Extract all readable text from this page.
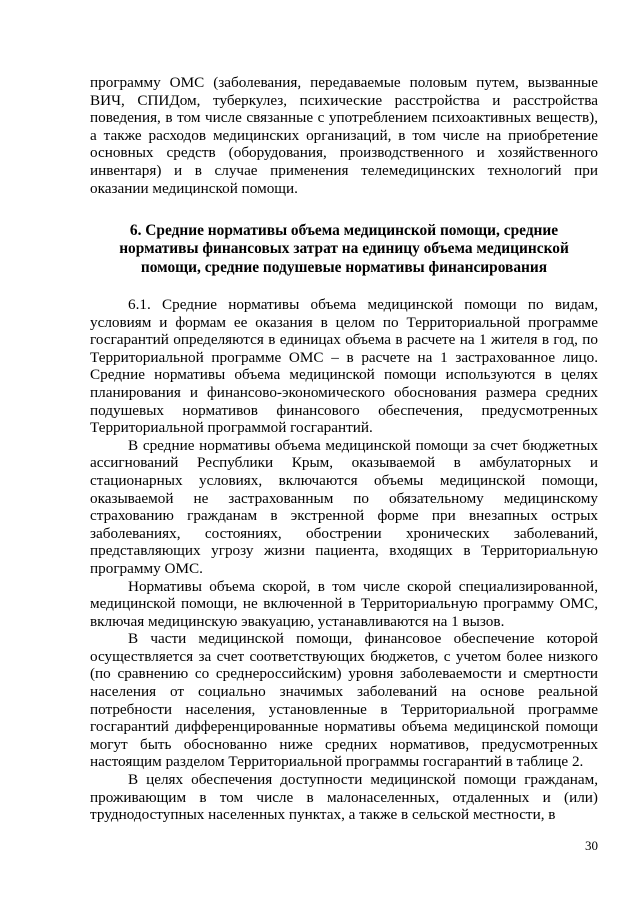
программу ОМС (заболевания, передаваемые половым путем, вызванные ВИЧ, СПИДом, туберкулез, психические расстройства и расстройства поведения, в том числе связанные с употреблением психоактивных веществ), а также расходов медицинских организаций, в том числе на приобретение основных средств (оборудования, производственного и хозяйственного инвентаря) и в случае применения телемедицинских технологий при оказании медицинской помощи.

6. Средние нормативы объема медицинской помощи, средние нормативы финансовых затрат на единицу объема медицинской помощи, средние подушевые нормативы финансирования

6.1. Средние нормативы объема медицинской помощи по видам, условиям и формам ее оказания в целом по Территориальной программе госгарантий определяются в единицах объема в расчете на 1 жителя в год, по Территориальной программе ОМС – в расчете на 1 застрахованное лицо. Средние нормативы объема медицинской помощи используются в целях планирования и финансово-экономического обоснования размера средних подушевых нормативов финансового обеспечения, предусмотренных Территориальной программой госгарантий.

В средние нормативы объема медицинской помощи за счет бюджетных ассигнований Республики Крым, оказываемой в амбулаторных и стационарных условиях, включаются объемы медицинской помощи, оказываемой не застрахованным по обязательному медицинскому страхованию гражданам в экстренной форме при внезапных острых заболеваниях, состояниях, обострении хронических заболеваний, представляющих угрозу жизни пациента, входящих в Территориальную программу ОМС.

Нормативы объема скорой, в том числе скорой специализированной, медицинской помощи, не включенной в Территориальную программу ОМС, включая медицинскую эвакуацию, устанавливаются на 1 вызов.

В части медицинской помощи, финансовое обеспечение которой осуществляется за счет соответствующих бюджетов, с учетом более низкого (по сравнению со среднероссийским) уровня заболеваемости и смертности населения от социально значимых заболеваний на основе реальной потребности населения, установленные в Территориальной программе госгарантий дифференцированные нормативы объема медицинской помощи могут быть обоснованно ниже средних нормативов, предусмотренных настоящим разделом Территориальной программы госгарантий в таблице 2.

В целях обеспечения доступности медицинской помощи гражданам, проживающим в том числе в малонаселенных, отдаленных и (или) труднодоступных населенных пунктах, а также в сельской местности, в

30
